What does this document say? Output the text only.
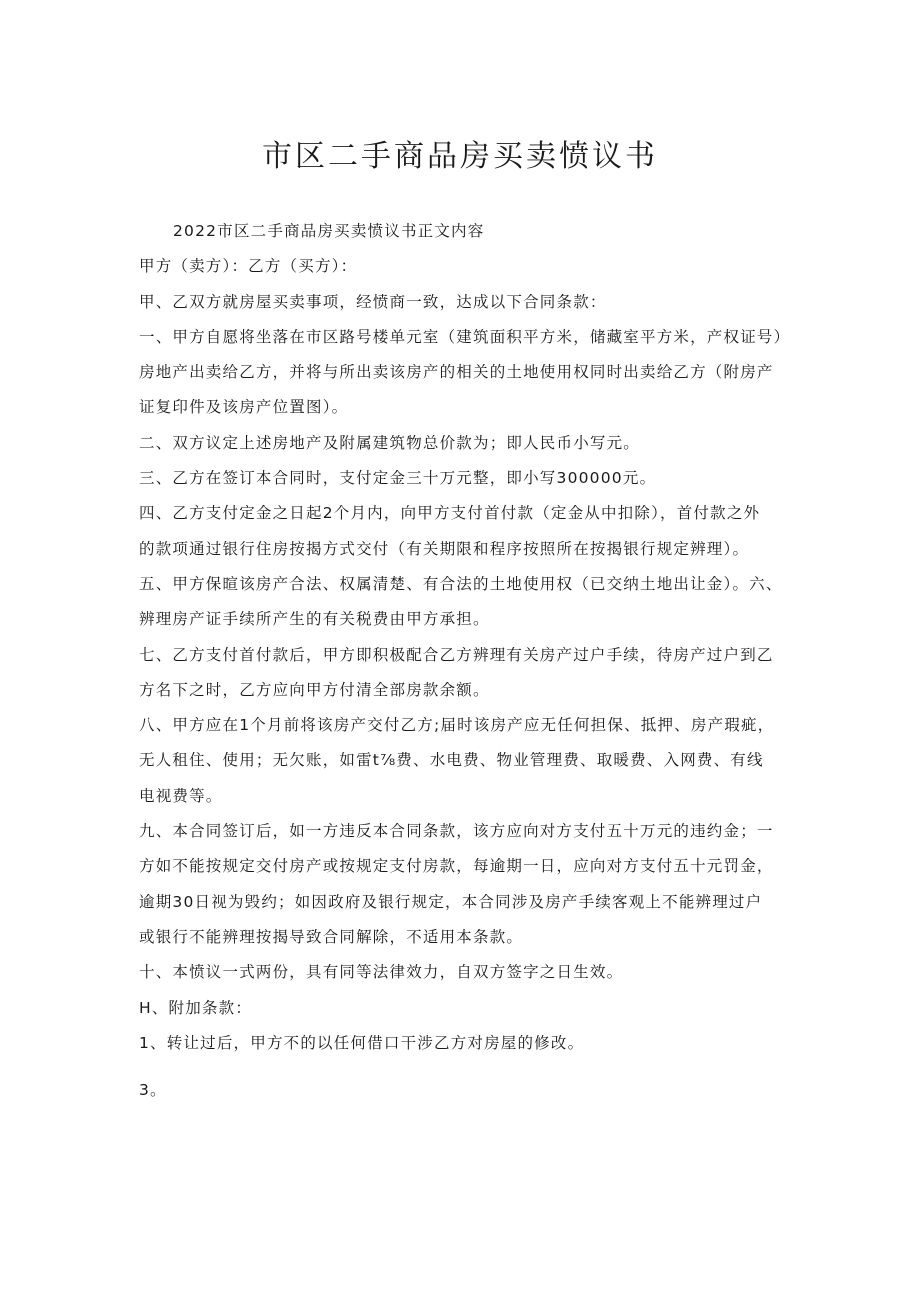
市区二手商品房买卖愤议书

2022市区二手商品房买卖愤议书正文内容

甲方（卖方）：乙方（买方）：

甲、乙双方就房屋买卖事项，经愤商一致，达成以下合同条款：

一、甲方自愿将坐落在市区路号楼单元室（建筑面积平方米，储藏室平方米，产权证号）

房地产出卖给乙方，并将与所出卖该房产的相关的土地使用权同时出卖给乙方（附房产

证复印件及该房产位置图）。

二、双方议定上述房地产及附属建筑物总价款为；即人民币小写元。

三、乙方在签订本合同时，支付定金三十万元整，即小写300000元。

四、乙方支付定金之日起2个月内，向甲方支付首付款（定金从中扣除），首付款之外

的款项通过银行住房按揭方式交付（有关期限和程序按照所在按揭银行规定辨理）。

五、甲方保暄该房产合法、权属清楚、有合法的土地使用权（已交纳土地出让金）。六、

辨理房产证手续所产生的有关税费由甲方承担。

七、乙方支付首付款后，甲方即积极配合乙方辨理有关房产过户手续，待房产过户到乙

方名下之时，乙方应向甲方付清全部房款余额。

八、甲方应在1个月前将该房产交付乙方;届时该房产应无任何担保、抵押、房产瑕疵，

无人租住、使用；无欠账，如雷t⅞费、水电费、物业管理费、取暖费、入网费、有线

电视费等。

九、本合同签订后，如一方违反本合同条款，该方应向对方支付五十万元的违约金；一

方如不能按规定交付房产或按规定支付房款，每逾期一日，应向对方支付五十元罚金，

逾期30日视为毁约；如因政府及银行规定，本合同涉及房产手续客观上不能辨理过户

或银行不能辨理按揭导致合同解除，不适用本条款。

十、本愤议一式两份，具有同等法律效力，自双方签字之日生效。

H、附加条款：

1、转让过后，甲方不的以任何借口干涉乙方对房屋的修改。

3。
